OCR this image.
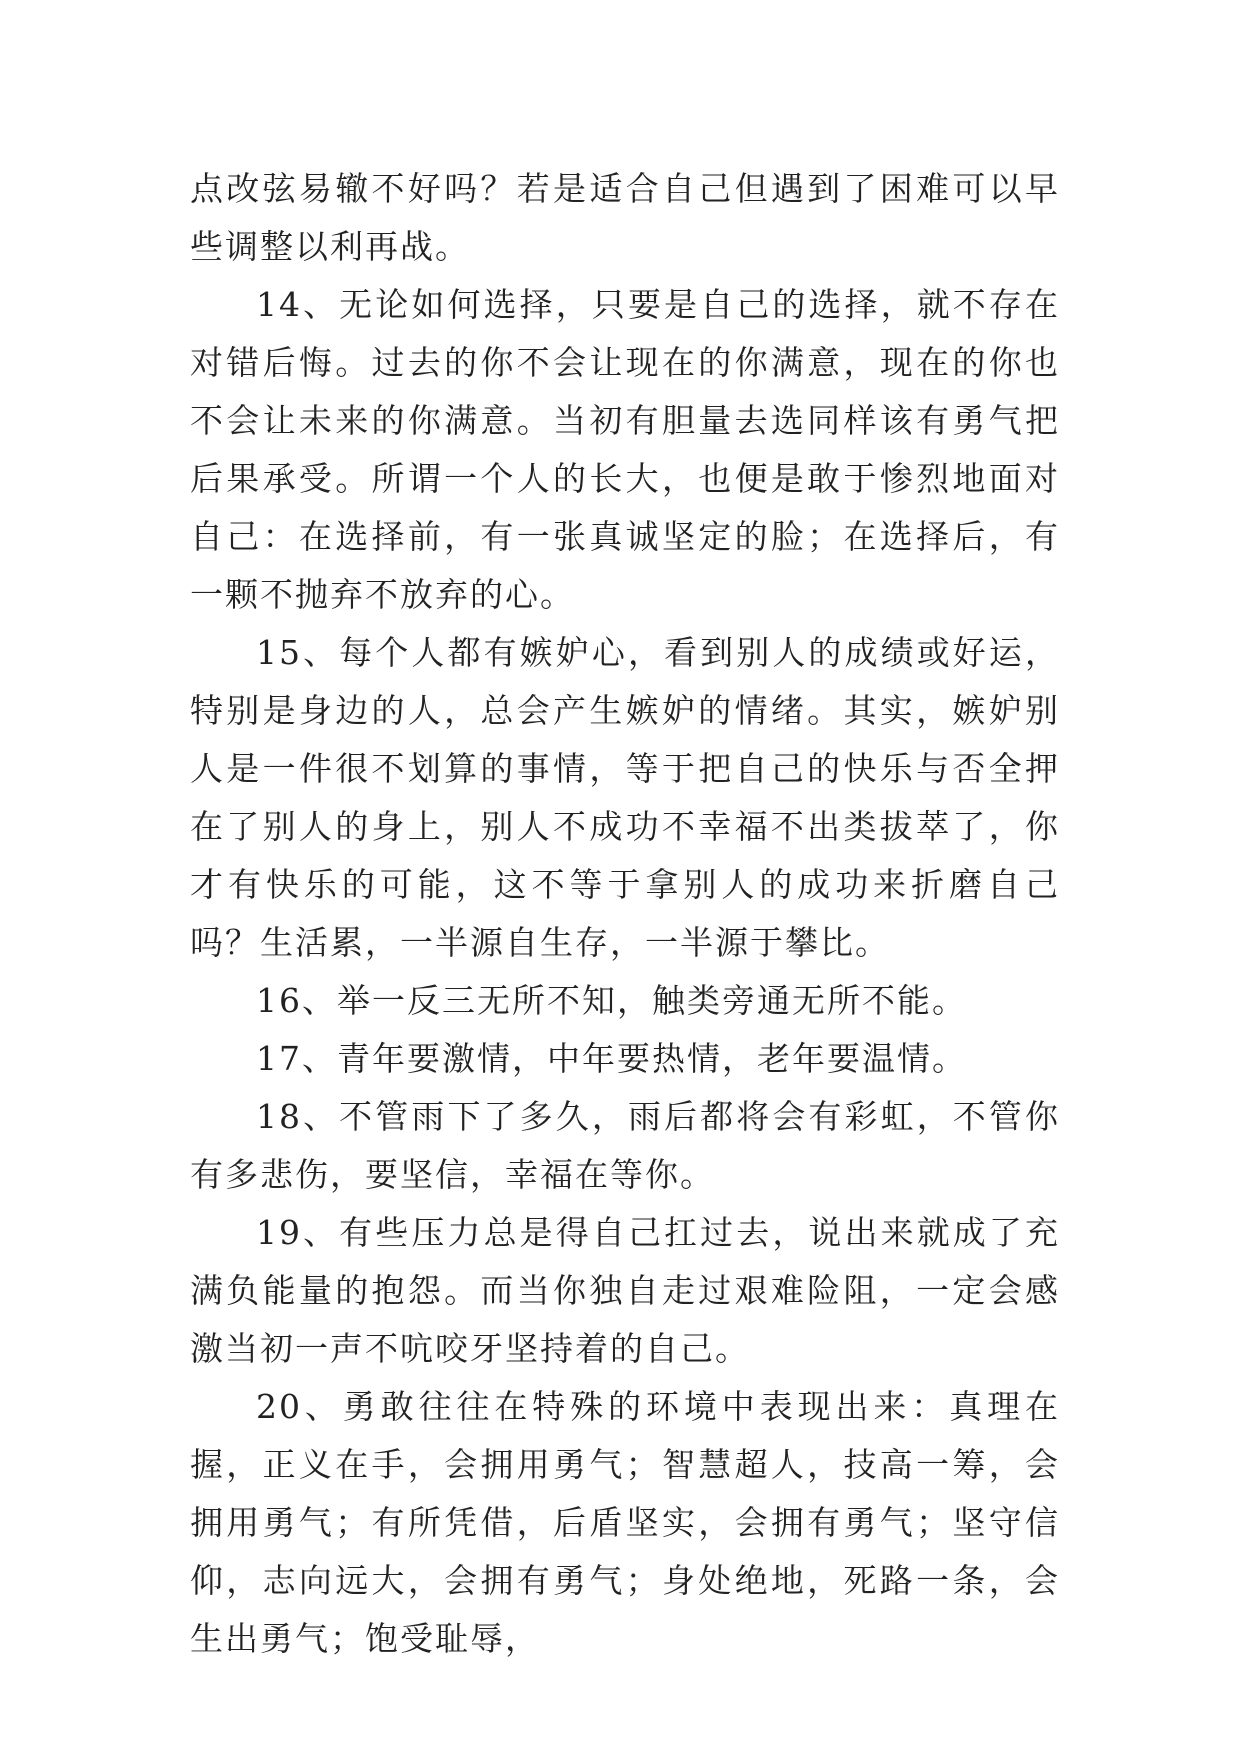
点改弦易辙不好吗？若是适合自己但遇到了困难可以早些调整以利再战。

14、无论如何选择，只要是自己的选择，就不存在对错后悔。过去的你不会让现在的你满意，现在的你也不会让未来的你满意。当初有胆量去选同样该有勇气把后果承受。所谓一个人的长大，也便是敢于惨烈地面对自己：在选择前，有一张真诚坚定的脸；在选择后，有一颗不抛弃不放弃的心。

15、每个人都有嫉妒心，看到别人的成绩或好运，特别是身边的人，总会产生嫉妒的情绪。其实，嫉妒别人是一件很不划算的事情，等于把自己的快乐与否全押在了别人的身上，别人不成功不幸福不出类拔萃了，你才有快乐的可能，这不等于拿别人的成功来折磨自己吗？生活累，一半源自生存，一半源于攀比。

16、举一反三无所不知，触类旁通无所不能。

17、青年要激情，中年要热情，老年要温情。

18、不管雨下了多久，雨后都将会有彩虹，不管你有多悲伤，要坚信，幸福在等你。

19、有些压力总是得自己扛过去，说出来就成了充满负能量的抱怨。而当你独自走过艰难险阻，一定会感激当初一声不吭咬牙坚持着的自己。

20、勇敢往往在特殊的环境中表现出来：真理在握，正义在手，会拥用勇气；智慧超人，技高一筹，会拥用勇气；有所凭借，后盾坚实，会拥有勇气；坚守信仰，志向远大，会拥有勇气；身处绝地，死路一条，会生出勇气；饱受耻辱，
